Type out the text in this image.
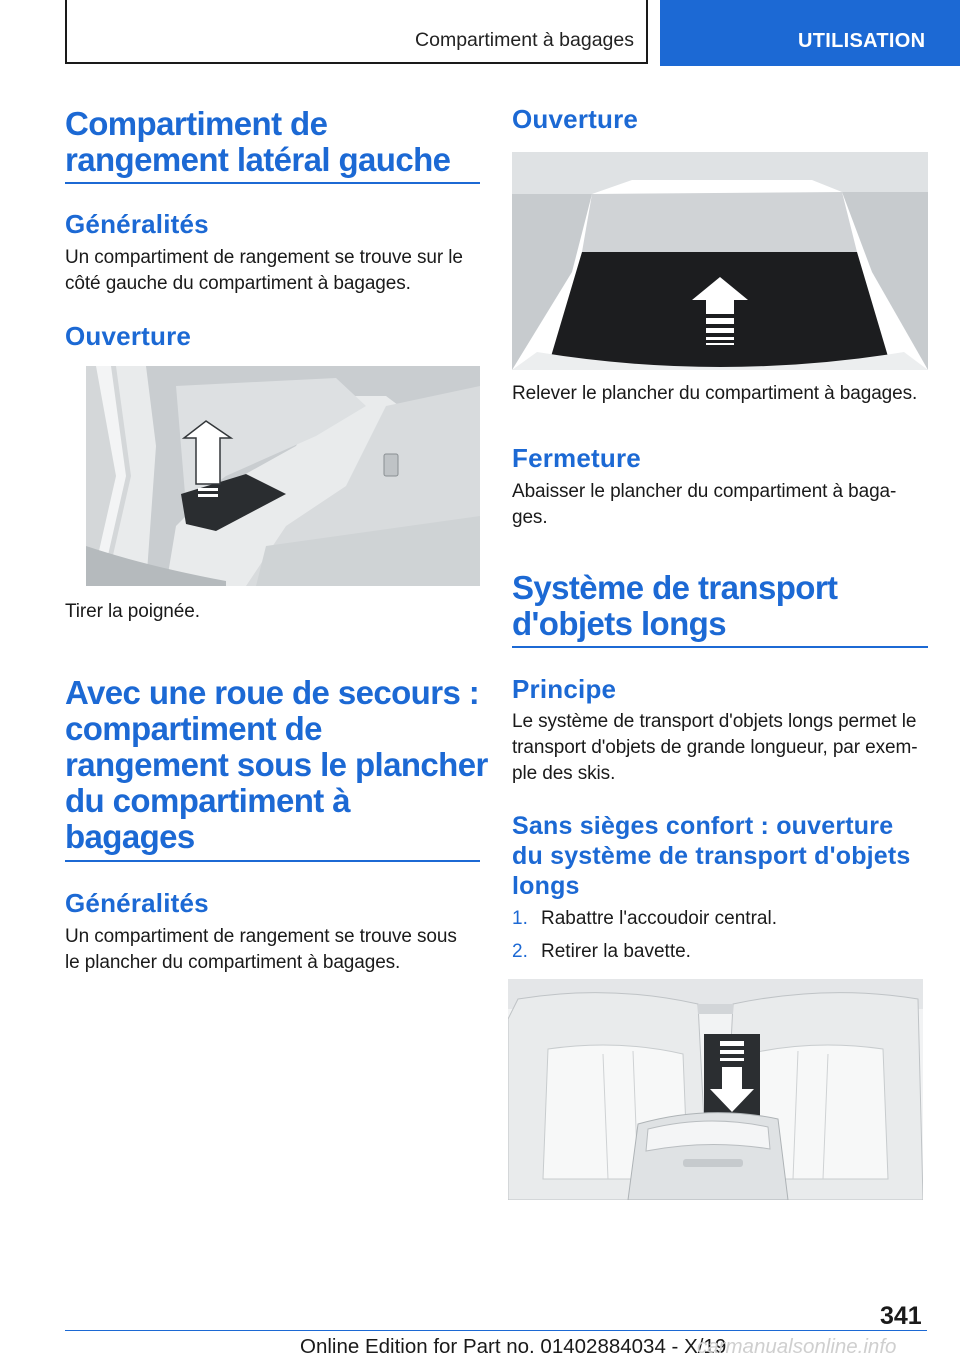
Compartiment à bagages	UTILISATION
Compartiment de
rangement latéral gauche
Généralités
Un compartiment de rangement se trouve sur le
côté gauche du compartiment à bagages.
Ouverture
Tirer la poignée.
Avec une roue de secours :
compartiment de
rangement sous le plancher
du compartiment à
bagages
Généralités
Un compartiment de rangement se trouve sous
le plancher du compartiment à bagages.
Ouverture
Relever le plancher du compartiment à bagages.
Fermeture
Abaisser le plancher du compartiment à baga‐
ges.
Système de transport
d'objets longs
Principe
Le système de transport d'objets longs permet le
transport d'objets de grande longueur, par exem‐
ple des skis.
Sans sièges confort : ouverture
du système de transport d'objets
longs
1. Rabattre l'accoudoir central.
2. Retirer la bavette.
341
Online Edition for Part no. 01402884034 - X/19
carmanualsonline.info
